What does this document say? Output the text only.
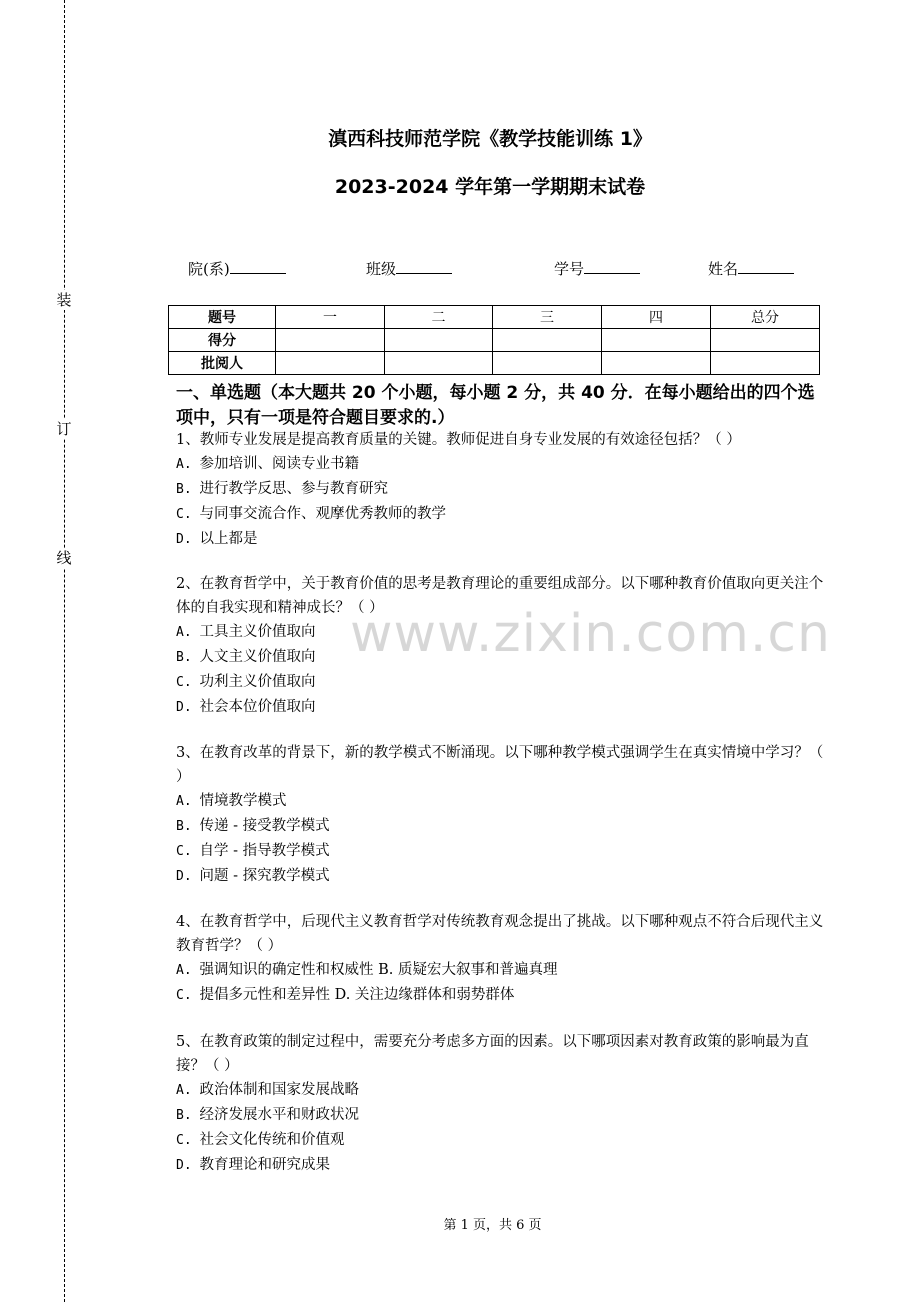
装
订
线
滇西科技师范学院《教学技能训练 1》
2023-2024 学年第一学期期末试卷
院(系)	班级	学号	姓名
题号	一	二	三	四	总分
得分					
批阅人					
一、单选题（本大题共 20 个小题，每小题 2 分，共 40 分．在每小题给出的四个选项中，只有一项是符合题目要求的.）

1、教师专业发展是提高教育质量的关键。教师促进自身专业发展的有效途径包括？（ ）

A. 参加培训、阅读专业书籍

B. 进行教学反思、参与教育研究

C. 与同事交流合作、观摩优秀教师的教学

D. 以上都是

2、在教育哲学中，关于教育价值的思考是教育理论的重要组成部分。以下哪种教育价值取向更关注个体的自我实现和精神成长？（ ）

A. 工具主义价值取向

B. 人文主义价值取向

C. 功利主义价值取向

D. 社会本位价值取向

3、在教育改革的背景下，新的教学模式不断涌现。以下哪种教学模式强调学生在真实情境中学习？（ ）

A. 情境教学模式

B. 传递 - 接受教学模式

C. 自学 - 指导教学模式

D. 问题 - 探究教学模式

4、在教育哲学中，后现代主义教育哲学对传统教育观念提出了挑战。以下哪种观点不符合后现代主义教育哲学？（ ）

A. 强调知识的确定性和权威性 B. 质疑宏大叙事和普遍真理

C. 提倡多元性和差异性 D. 关注边缘群体和弱势群体

5、在教育政策的制定过程中，需要充分考虑多方面的因素。以下哪项因素对教育政策的影响最为直接？（ ）

A. 政治体制和国家发展战略

B. 经济发展水平和财政状况

C. 社会文化传统和价值观

D. 教育理论和研究成果

www.zixin.com.cn
第 1 页，共 6 页
